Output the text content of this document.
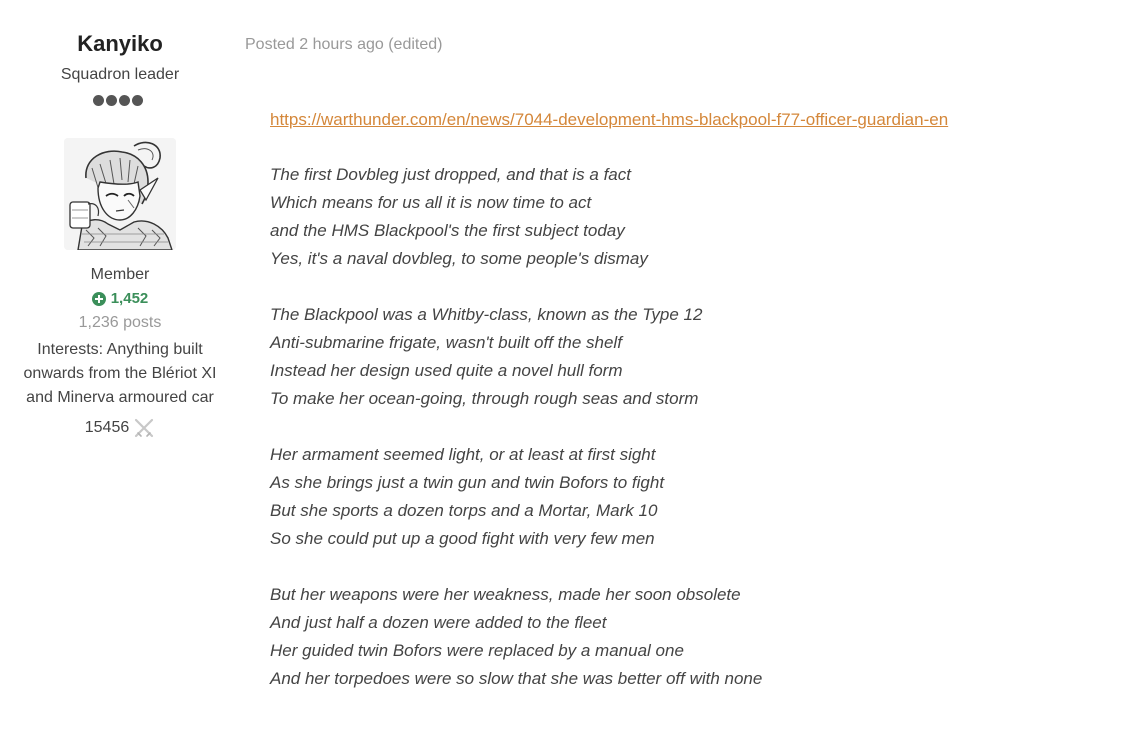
Kanyiko
Squadron leader
Member
1,452
1,236 posts
Interests: Anything built
onwards from the Blériot XI
and Minerva armoured car
15456
Posted 2 hours ago (edited)
https://warthunder.com/en/news/7044-development-hms-blackpool-f77-officer-guardian-en

The first Dovbleg just dropped, and that is a fact
Which means for us all it is now time to act
and the HMS Blackpool's the first subject today
Yes, it's a naval dovbleg, to some people's dismay

The Blackpool was a Whitby-class, known as the Type 12
Anti-submarine frigate, wasn't built off the shelf
Instead her design used quite a novel hull form
To make her ocean-going, through rough seas and storm

Her armament seemed light, or at least at first sight
As she brings just a twin gun and twin Bofors to fight
But she sports a dozen torps and a Mortar, Mark 10
So she could put up a good fight with very few men

But her weapons were her weakness, made her soon obsolete
And just half a dozen were added to the fleet
Her guided twin Bofors were replaced by a manual one
And her torpedoes were so slow that she was better off with none
